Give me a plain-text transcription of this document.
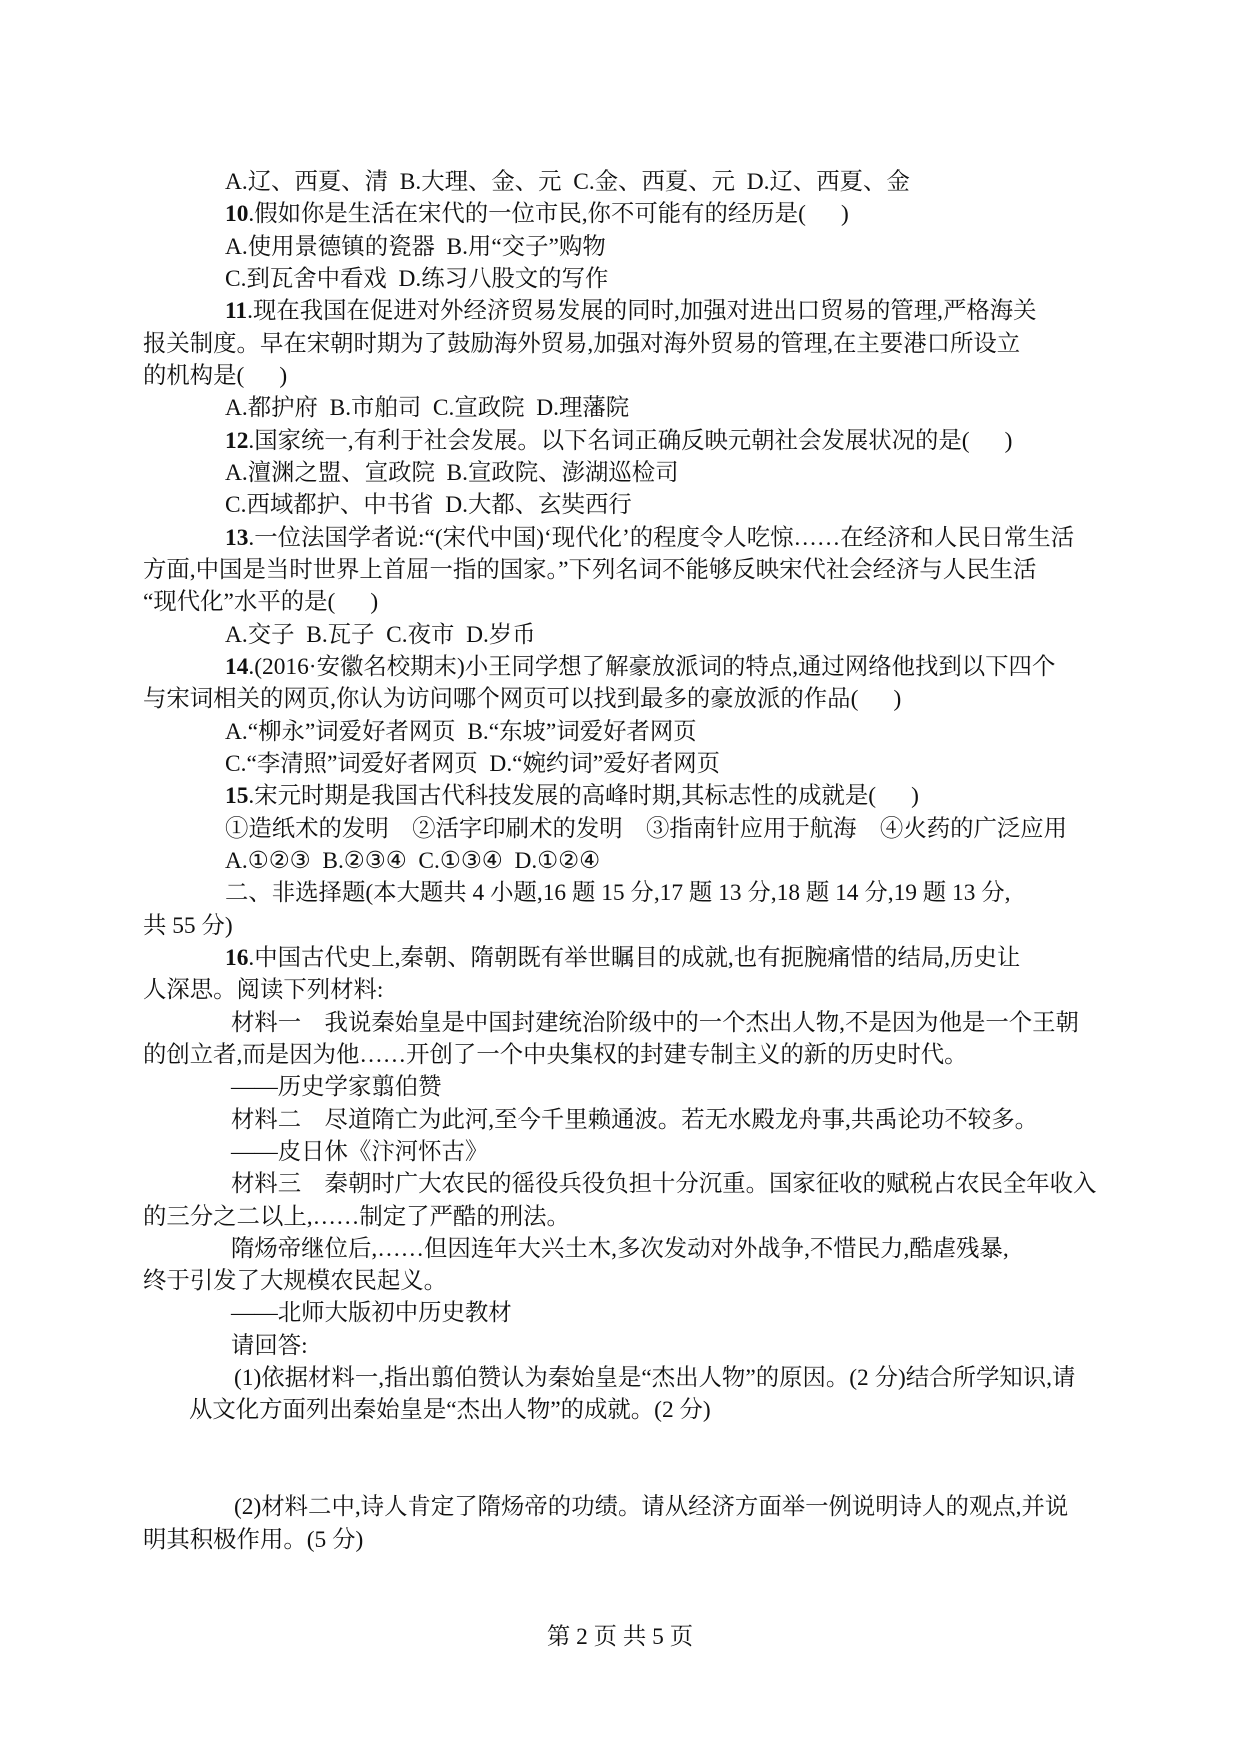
A.辽、西夏、清  B.大理、金、元  C.金、西夏、元  D.辽、西夏、金
10.假如你是生活在宋代的一位市民,你不可能有的经历是(　  )
A.使用景德镇的瓷器  B.用“交子”购物
C.到瓦舍中看戏  D.练习八股文的写作
11.现在我国在促进对外经济贸易发展的同时,加强对进出口贸易的管理,严格海关
报关制度。早在宋朝时期为了鼓励海外贸易,加强对海外贸易的管理,在主要港口所设立
的机构是(　  )
A.都护府  B.市舶司  C.宣政院  D.理藩院
12.国家统一,有利于社会发展。以下名词正确反映元朝社会发展状况的是(　  )
A.澶渊之盟、宣政院  B.宣政院、澎湖巡检司
C.西域都护、中书省  D.大都、玄奘西行
13.一位法国学者说:“(宋代中国)‘现代化’的程度令人吃惊……在经济和人民日常生活
方面,中国是当时世界上首屈一指的国家。”下列名词不能够反映宋代社会经济与人民生活
“现代化”水平的是(　  )
A.交子  B.瓦子  C.夜市  D.岁币
14.(2016·安徽名校期末)小王同学想了解豪放派词的特点,通过网络他找到以下四个
与宋词相关的网页,你认为访问哪个网页可以找到最多的豪放派的作品(　  )
A.“柳永”词爱好者网页  B.“东坡”词爱好者网页
C.“李清照”词爱好者网页  D.“婉约词”爱好者网页
15.宋元时期是我国古代科技发展的高峰时期,其标志性的成就是(　  )
①造纸术的发明　②活字印刷术的发明　③指南针应用于航海　④火药的广泛应用
A.①②③  B.②③④  C.①③④  D.①②④
二、非选择题(本大题共 4 小题,16 题 15 分,17 题 13 分,18 题 14 分,19 题 13 分,
共 55 分)
16.中国古代史上,秦朝、隋朝既有举世瞩目的成就,也有扼腕痛惜的结局,历史让
人深思。阅读下列材料:
材料一　我说秦始皇是中国封建统治阶级中的一个杰出人物,不是因为他是一个王朝
的创立者,而是因为他……开创了一个中央集权的封建专制主义的新的历史时代。
——历史学家翦伯赞
材料二　尽道隋亡为此河,至今千里赖通波。若无水殿龙舟事,共禹论功不较多。
——皮日休《汴河怀古》
材料三　秦朝时广大农民的徭役兵役负担十分沉重。国家征收的赋税占农民全年收入
的三分之二以上,……制定了严酷的刑法。
隋炀帝继位后,……但因连年大兴土木,多次发动对外战争,不惜民力,酷虐残暴,
终于引发了大规模农民起义。
——北师大版初中历史教材
请回答:
(1)依据材料一,指出翦伯赞认为秦始皇是“杰出人物”的原因。(2 分)结合所学知识,请
从文化方面列出秦始皇是“杰出人物”的成就。(2 分)
(2)材料二中,诗人肯定了隋炀帝的功绩。请从经济方面举一例说明诗人的观点,并说
明其积极作用。(5 分)
第 2 页 共 5 页
